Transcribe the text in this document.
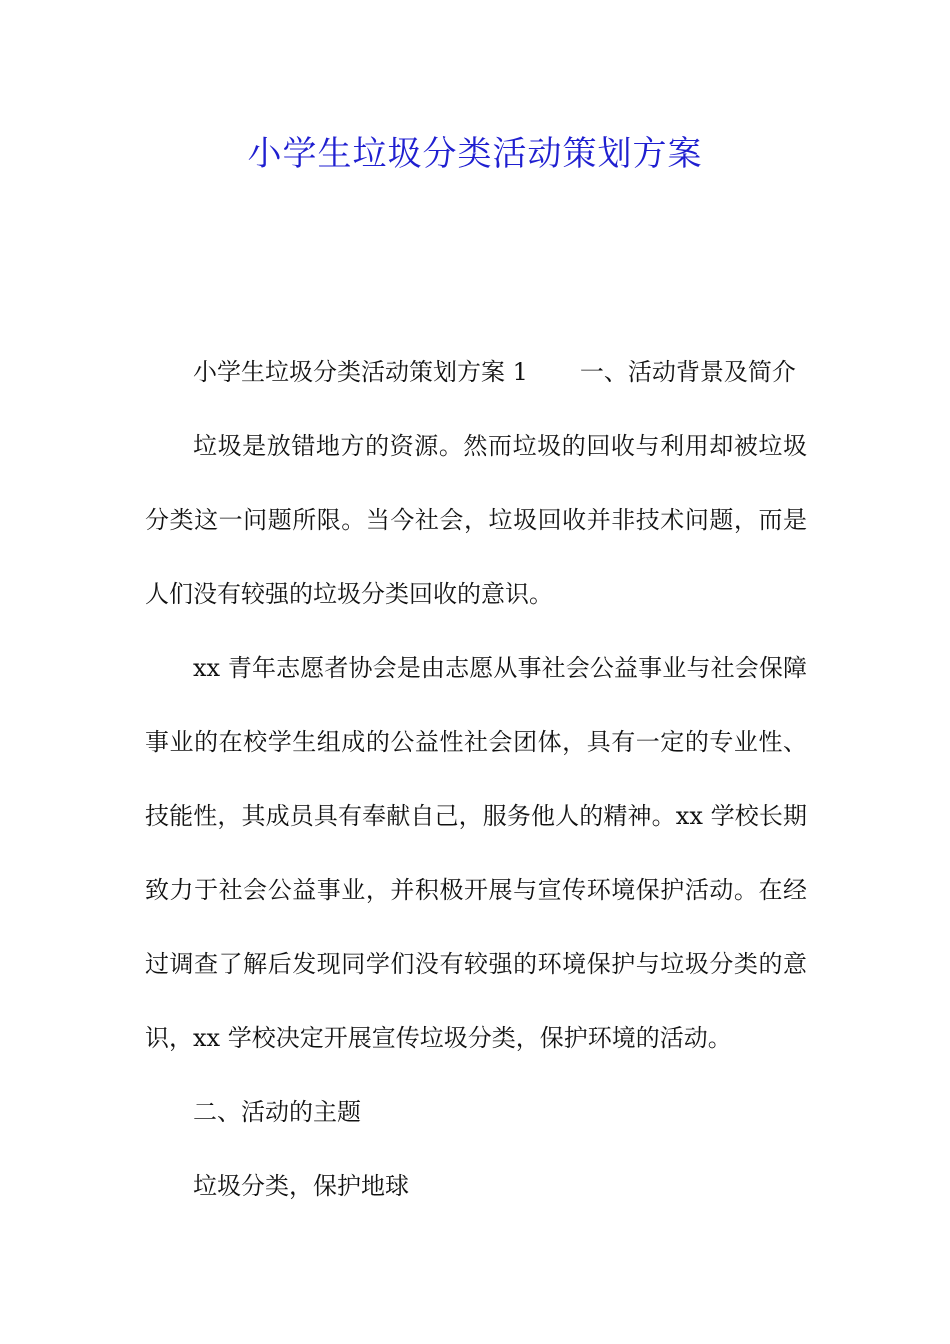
小学生垃圾分类活动策划方案

小学生垃圾分类活动策划方案 1 一、活动背景及简介

垃圾是放错地方的资源。然而垃圾的回收与利用却被垃圾分类这一问题所限。当今社会，垃圾回收并非技术问题，而是人们没有较强的垃圾分类回收的意识。

xx 青年志愿者协会是由志愿从事社会公益事业与社会保障事业的在校学生组成的公益性社会团体，具有一定的专业性、技能性，其成员具有奉献自己，服务他人的精神。xx 学校长期致力于社会公益事业，并积极开展与宣传环境保护活动。在经过调查了解后发现同学们没有较强的环境保护与垃圾分类的意识，xx 学校决定开展宣传垃圾分类，保护环境的活动。

二、活动的主题

垃圾分类，保护地球
